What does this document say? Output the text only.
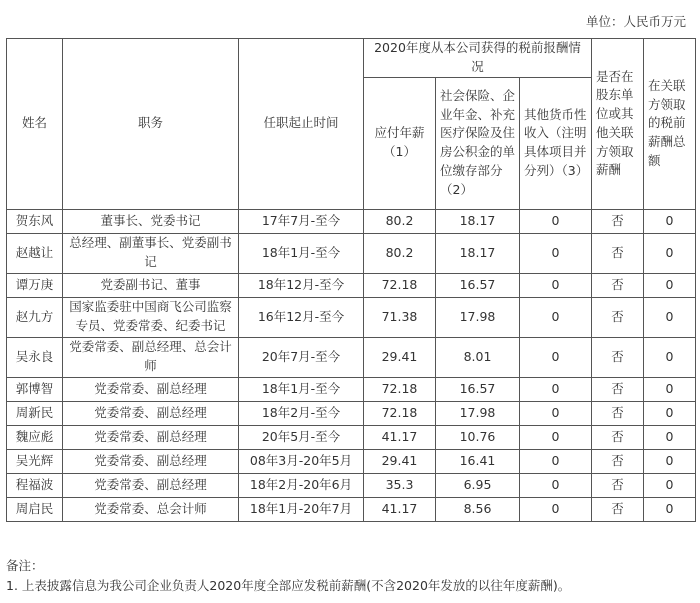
单位：人民币万元
姓名	职务	任职起止时间	2020年度从本公司获得的税前报酬情况			是否在股东单位或其他关联方领取薪酬	在关联方领取的税前薪酬总额
			应付年薪（1）	社会保险、企业年金、补充医疗保险及住房公积金的单位缴存部分（2）	其他货币性收入（注明具体项目并分列）（3）		
贺东风	董事长、党委书记	17年7月-至今	80.2	18.17	0	否	0
赵越让	总经理、副董事长、党委副书记	18年1月-至今	80.2	18.17	0	否	0
谭万庚	党委副书记、董事	18年12月-至今	72.18	16.57	0	否	0
赵九方	国家监委驻中国商飞公司监察专员、党委常委、纪委书记	16年12月-至今	71.38	17.98	0	否	0
吴永良	党委常委、副总经理、总会计师	20年7月-至今	29.41	8.01	0	否	0
郭博智	党委常委、副总经理	18年1月-至今	72.18	16.57	0	否	0
周新民	党委常委、副总经理	18年2月-至今	72.18	17.98	0	否	0
魏应彪	党委常委、副总经理	20年5月-至今	41.17	10.76	0	否	0
吴光辉	党委常委、副总经理	08年3月-20年5月	29.41	16.41	0	否	0
程福波	党委常委、副总经理	18年2月-20年6月	35.3	6.95	0	否	0
周启民	党委常委、总会计师	18年1月-20年7月	41.17	8.56	0	否	0
备注：
1. 上表披露信息为我公司企业负责人2020年度全部应发税前薪酬(不含2020年发放的以往年度薪酬)。
